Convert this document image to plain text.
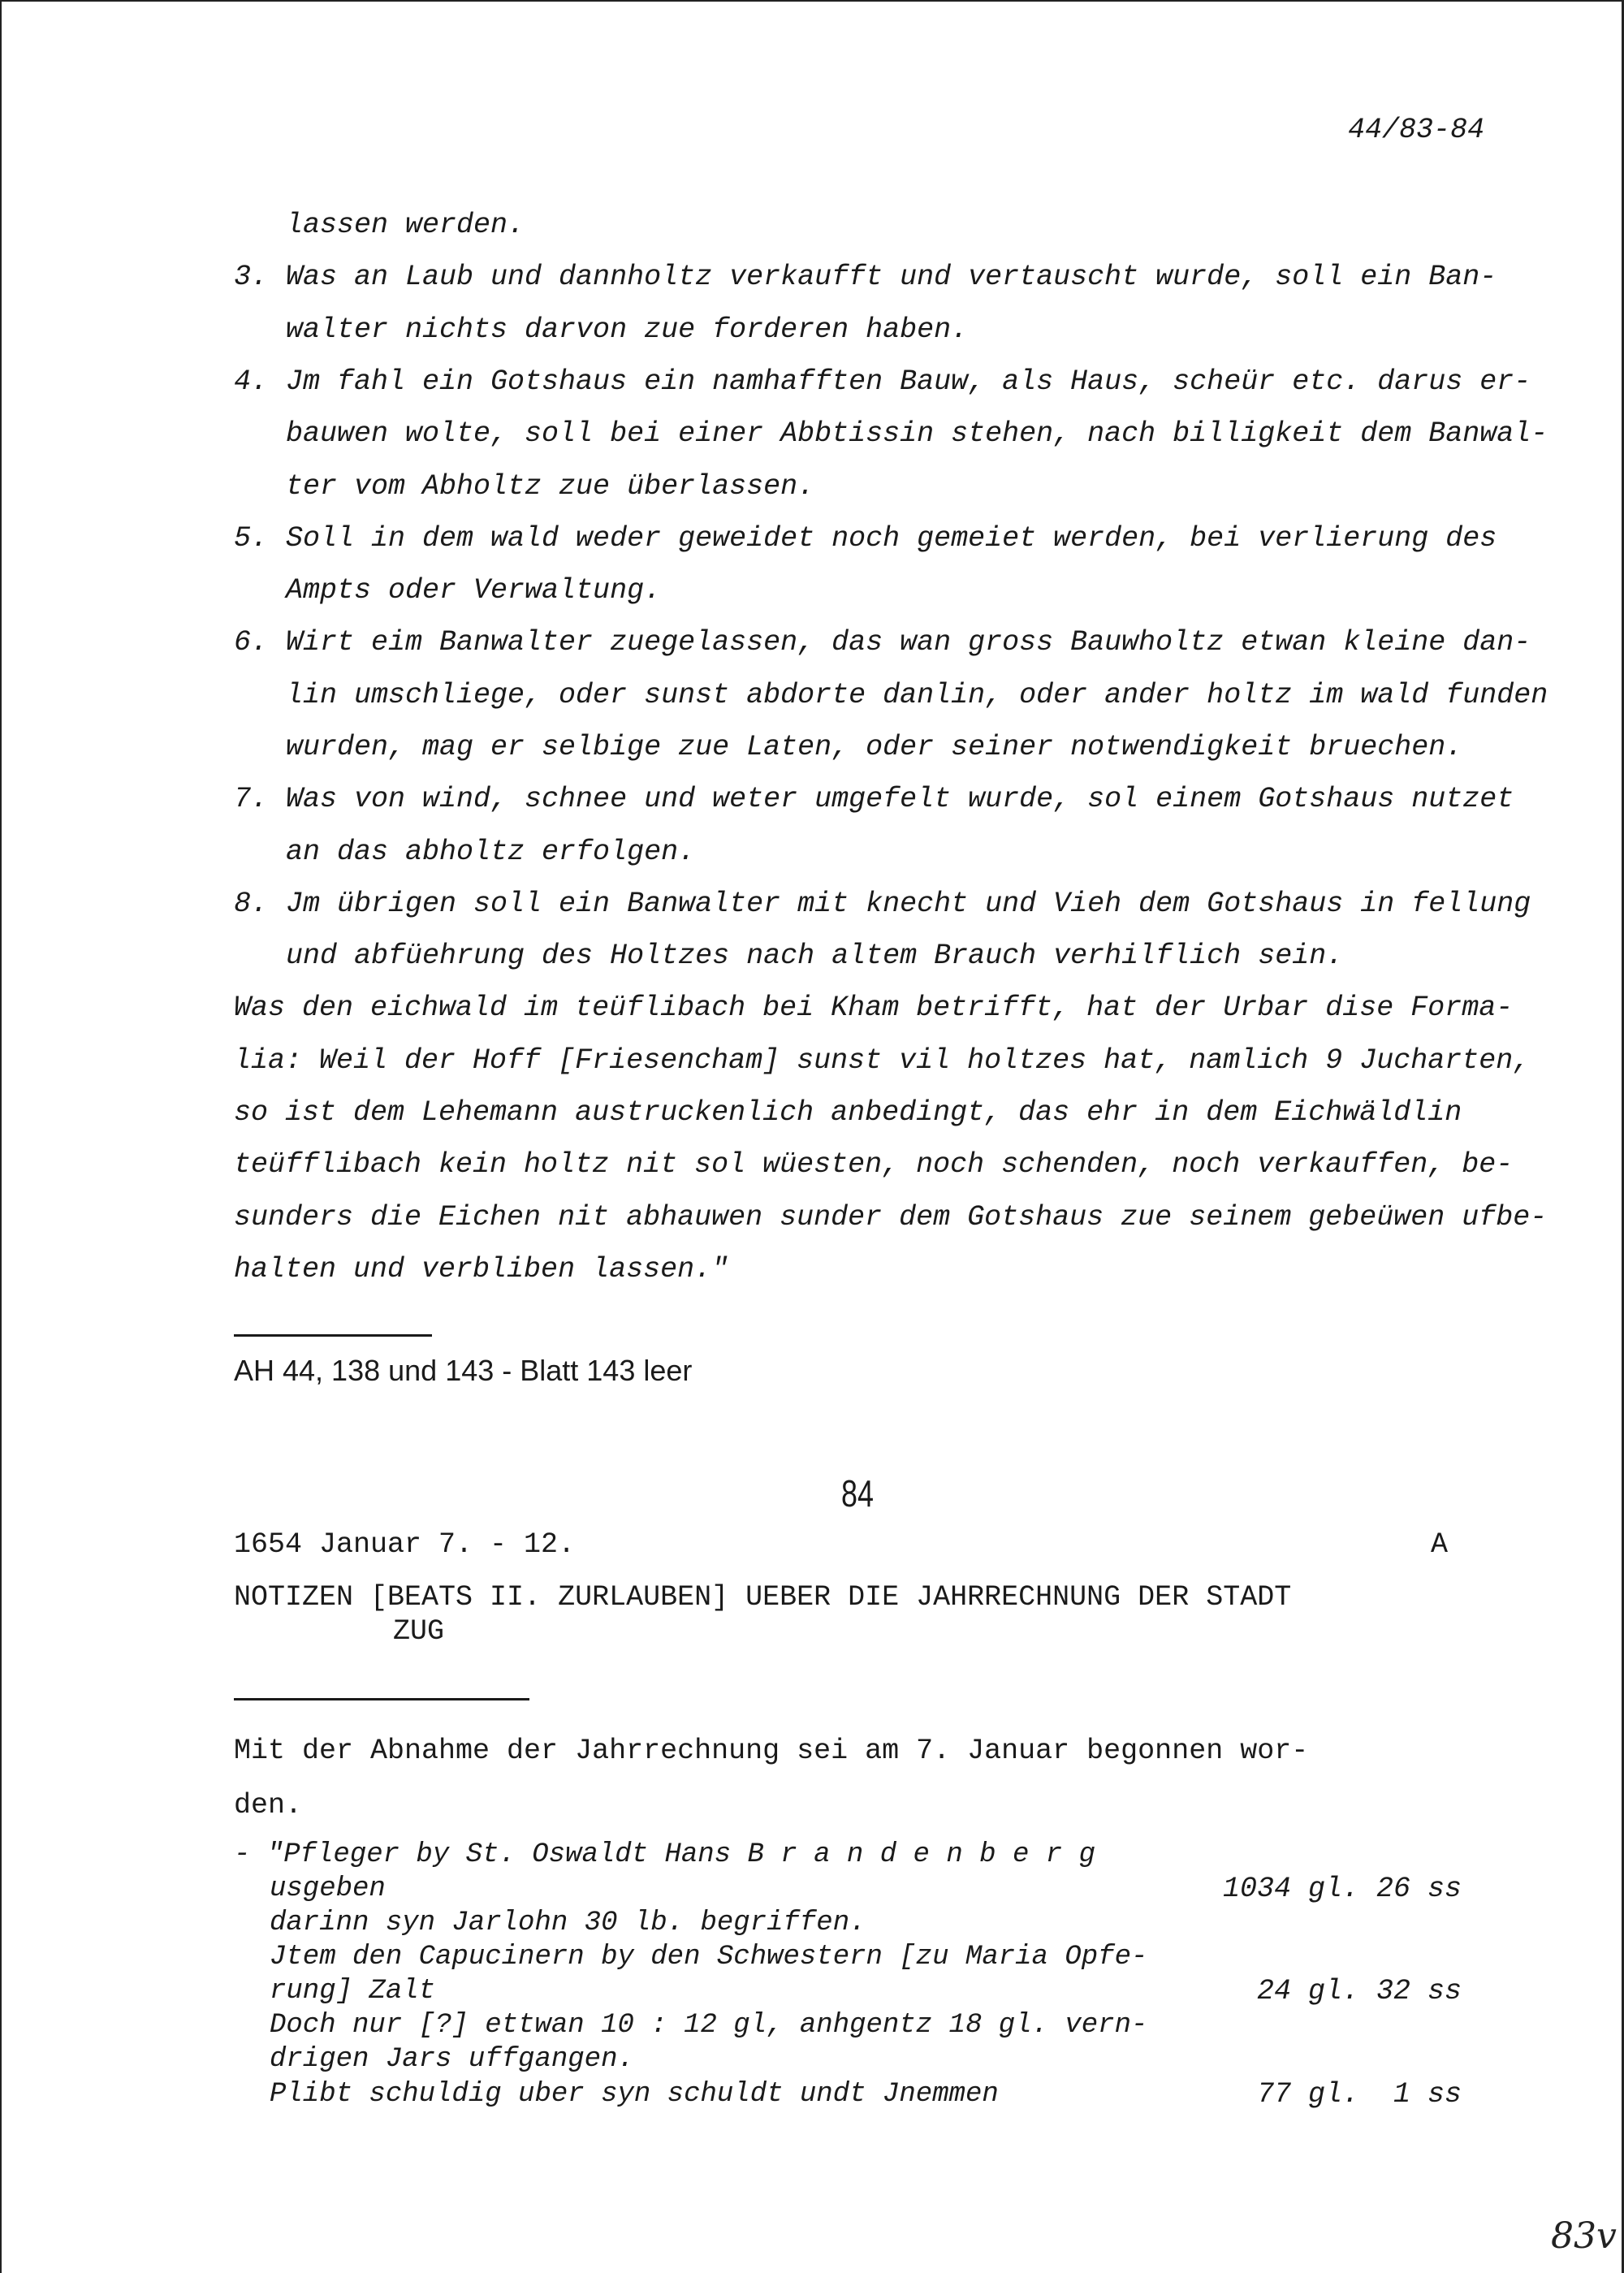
44/83-84
lassen werden.
3. Was an Laub und dannholtz verkaufft und vertauscht wurde, soll ein Ban-
walter nichts darvon zue forderen haben.
4. Jm fahl ein Gotshaus ein namhafften Bauw, als Haus, scheür etc. darus er-
bauwen wolte, soll bei einer Abbtissin stehen, nach billigkeit dem Banwal-
ter vom Abholtz zue überlassen.
5. Soll in dem wald weder geweidet noch gemeiet werden, bei verlierung des
Ampts oder Verwaltung.
6. Wirt eim Banwalter zuegelassen, das wan gross Bauwholtz etwan kleine dan-
lin umschliege, oder sunst abdorte danlin, oder ander holtz im wald funden
wurden, mag er selbige zue Laten, oder seiner notwendigkeit bruechen.
7. Was von wind, schnee und weter umgefelt wurde, sol einem Gotshaus nutzet
an das abholtz erfolgen.
8. Jm übrigen soll ein Banwalter mit knecht und Vieh dem Gotshaus in fellung
und abfüehrung des Holtzes nach altem Brauch verhilflich sein.
Was den eichwald im teüflibach bei Kham betrifft, hat der Urbar dise Forma-
lia: Weil der Hoff [Friesencham] sunst vil holtzes hat, namlich 9 Jucharten,
so ist dem Lehemann austruckenlich anbedingt, das ehr in dem Eichwäldlin
teüfflibach kein holtz nit sol wüesten, noch schenden, noch verkauffen, be-
sunders die Eichen nit abhauwen sunder dem Gotshaus zue seinem gebeüwen ufbe-
halten und verbliben lassen."
AH 44, 138 und 143 - Blatt 143 leer
84
1654 Januar 7. - 12.	A
NOTIZEN [BEATS II. ZURLAUBEN] UEBER DIE JAHRRECHNUNG DER STADT
ZUG
Mit der Abnahme der Jahrrechnung sei am 7. Januar begonnen wor-
den.
- "Pfleger by St. Oswaldt Hans B r a n d e n b e r g
usgeben	1034 gl. 26 ss
darinn syn Jarlohn 30 lb. begriffen.
Jtem den Capucinern by den Schwestern [zu Maria Opfe-
rung] Zalt	24 gl. 32 ss
Doch nur [?] ettwan 10 : 12 gl, anhgentz 18 gl. vern-
drigen Jars uffgangen.
Plibt schuldig uber syn schuldt undt Jnemmen	77 gl.  1 ss
83v
